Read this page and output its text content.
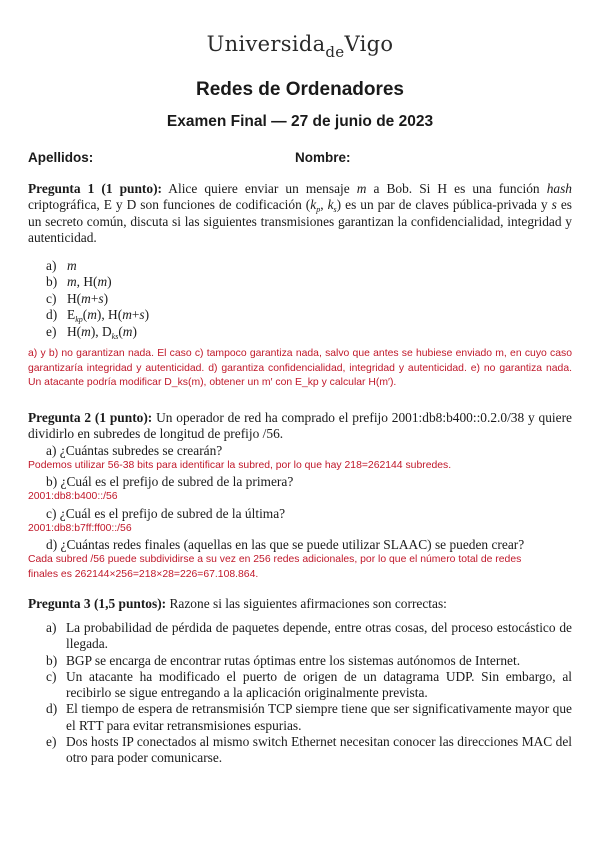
Universida$_{de}$Vigo
Redes de Ordenadores
Examen Final — 27 de junio de 2023
Apellidos:	Nombre:
Pregunta 1 (1 punto): Alice quiere enviar un mensaje m a Bob. Si H es una función hash criptográfica, E y D son funciones de codificación ($k_p$, $k_s$) es un par de claves pública-privada y s es un secreto común, discuta si las siguientes transmisiones garantizan la confidencialidad, integridad y autenticidad.
a) m
b) m, H(m)
c) H(m+s)
d) $E_{kp}(m)$, H(m+s)
e) H(m), $D_{ks}(m)$
a) y b) no garantizan nada. El caso c) tampoco garantiza nada, salvo que antes se hubiese enviado m, en cuyo caso garantizaría integridad y autenticidad. d) garantiza confidencialidad, integridad y autenticidad. e) no garantiza nada. Un atacante podría modificar D_ks(m), obtener un m′ con E_kp y calcular H(m′).
Pregunta 2 (1 punto): Un operador de red ha comprado el prefijo 2001:db8:b400::0.2.0/38 y quiere dividirlo en subredes de longitud de prefijo /56.
a) ¿Cuántas subredes se crearán?
Podemos utilizar 56-38 bits para identificar la subred, por lo que hay 218=262144 subredes.
b) ¿Cuál es el prefijo de subred de la primera?
2001:db8:b400::/56
c) ¿Cuál es el prefijo de subred de la última?
2001:db8:b7ff:ff00::/56
d) ¿Cuántas redes finales (aquellas en las que se puede utilizar SLAAC) se pueden crear?
Cada subred /56 puede subdividirse a su vez en 256 redes adicionales, por lo que el número total de redes
finales es 262144×256=218×28=226=67.108.864.
Pregunta 3 (1,5 puntos): Razone si las siguientes afirmaciones son correctas:
a) La probabilidad de pérdida de paquetes depende, entre otras cosas, del proceso estocástico de llegada.
b) BGP se encarga de encontrar rutas óptimas entre los sistemas autónomos de Internet.
c) Un atacante ha modificado el puerto de origen de un datagrama UDP. Sin embargo, al recibirlo se sigue entregando a la aplicación originalmente prevista.
d) El tiempo de espera de retransmisión TCP siempre tiene que ser significativamente mayor que el RTT para evitar retransmisiones espurias.
e) Dos hosts IP conectados al mismo switch Ethernet necesitan conocer las direcciones MAC del otro para poder comunicarse.
